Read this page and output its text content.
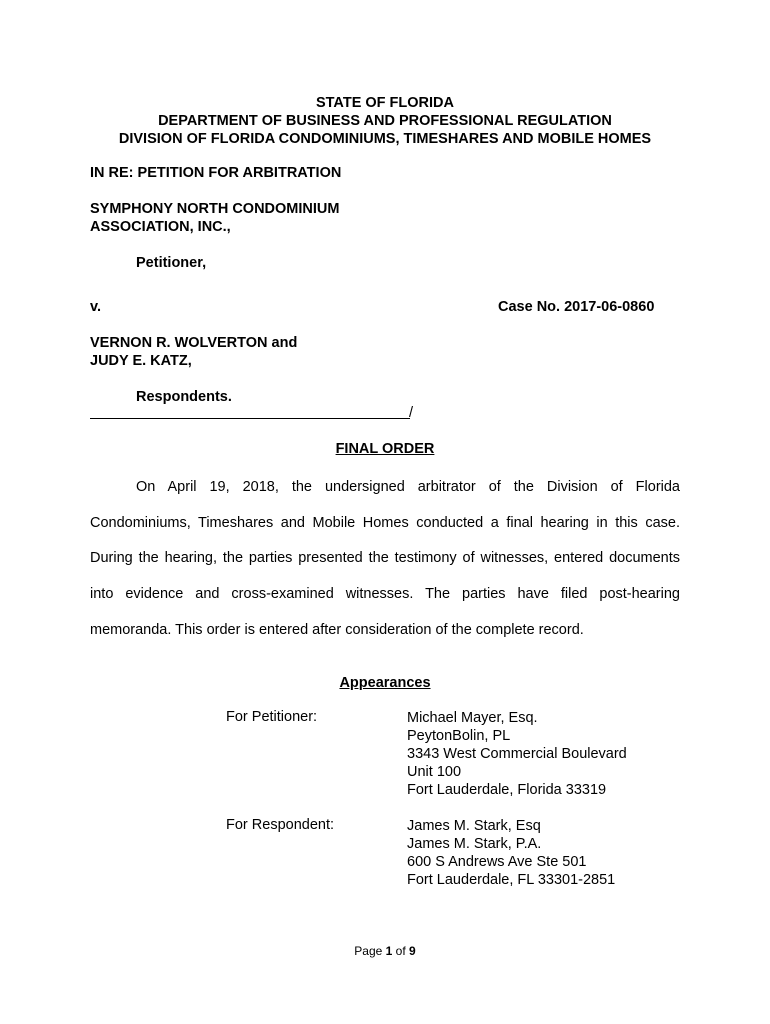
STATE OF FLORIDA
DEPARTMENT OF BUSINESS AND PROFESSIONAL REGULATION
DIVISION OF FLORIDA CONDOMINIUMS, TIMESHARES AND MOBILE HOMES
IN RE: PETITION FOR ARBITRATION
SYMPHONY NORTH CONDOMINIUM
ASSOCIATION, INC.,
Petitioner,
v.	Case No. 2017-06-0860
VERNON R. WOLVERTON and
JUDY E. KATZ,
Respondents.
/
FINAL ORDER
On April 19, 2018, the undersigned arbitrator of the Division of Florida
Condominiums, Timeshares and Mobile Homes conducted a final hearing in this case.
During the hearing, the parties presented the testimony of witnesses, entered documents
into evidence and cross-examined witnesses. The parties have filed post-hearing
memoranda. This order is entered after consideration of the complete record.
Appearances
For Petitioner:	Michael Mayer, Esq.
PeytonBolin, PL
3343 West Commercial Boulevard
Unit 100
Fort Lauderdale, Florida 33319
For Respondent:	James M. Stark, Esq
James M. Stark, P.A.
600 S Andrews Ave Ste 501
Fort Lauderdale, FL 33301-2851
Page 1 of 9
